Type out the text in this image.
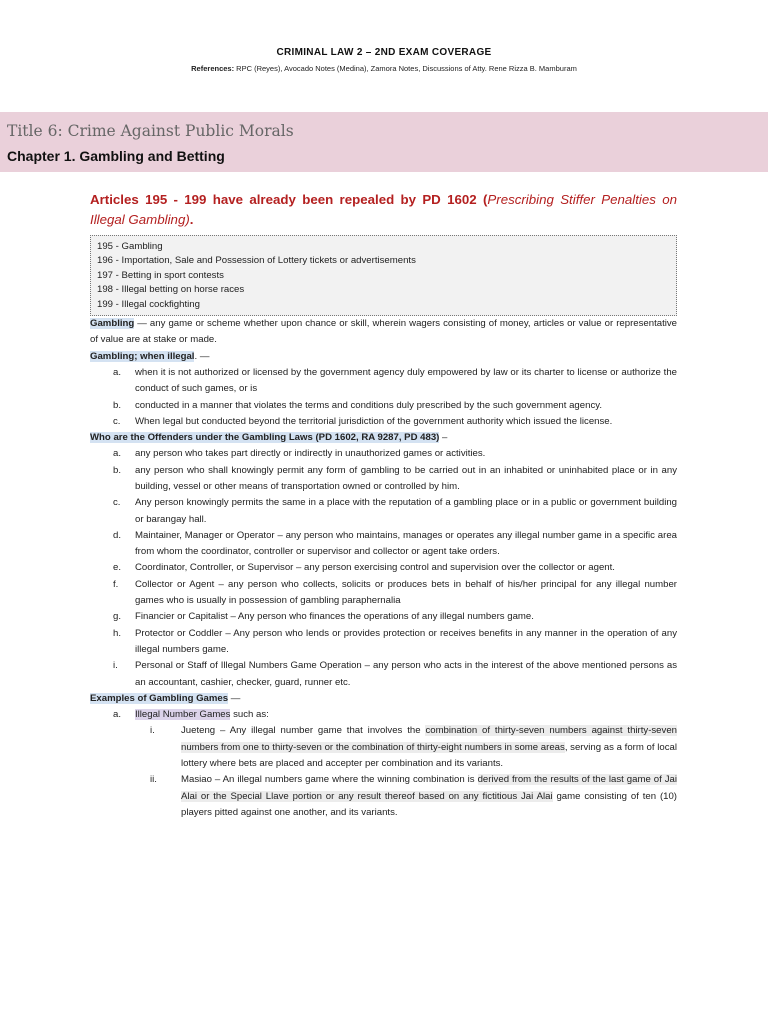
CRIMINAL LAW 2 – 2ND EXAM COVERAGE
References: RPC (Reyes), Avocado Notes (Medina), Zamora Notes, Discussions of Atty. Rene Rizza B. Mamburam
Title 6: Crime Against Public Morals
Chapter 1. Gambling and Betting
Articles 195 - 199 have already been repealed by PD 1602 (Prescribing Stiffer Penalties on Illegal Gambling).
195 - Gambling
196 - Importation, Sale and Possession of Lottery tickets or advertisements
197 - Betting in sport contests
198 - Illegal betting on horse races
199 - Illegal cockfighting
Gambling — any game or scheme whether upon chance or skill, wherein wagers consisting of money, articles or value or representative of value are at stake or made.
Gambling; when illegal. —
a. when it is not authorized or licensed by the government agency duly empowered by law or its charter to license or authorize the conduct of such games, or is
b. conducted in a manner that violates the terms and conditions duly prescribed by the such government agency.
c. When legal but conducted beyond the territorial jurisdiction of the government authority which issued the license.
Who are the Offenders under the Gambling Laws (PD 1602, RA 9287, PD 483) –
a. any person who takes part directly or indirectly in unauthorized games or activities.
b. any person who shall knowingly permit any form of gambling to be carried out in an inhabited or uninhabited place or in any building, vessel or other means of transportation owned or controlled by him.
c. Any person knowingly permits the same in a place with the reputation of a gambling place or in a public or government building or barangay hall.
d. Maintainer, Manager or Operator – any person who maintains, manages or operates any illegal number game in a specific area from whom the coordinator, controller or supervisor and collector or agent take orders.
e. Coordinator, Controller, or Supervisor – any person exercising control and supervision over the collector or agent.
f. Collector or Agent – any person who collects, solicits or produces bets in behalf of his/her principal for any illegal number games who is usually in possession of gambling paraphernalia
g. Financier or Capitalist – Any person who finances the operations of any illegal numbers game.
h. Protector or Coddler – Any person who lends or provides protection or receives benefits in any manner in the operation of any illegal numbers game.
i. Personal or Staff of Illegal Numbers Game Operation – any person who acts in the interest of the above mentioned persons as an accountant, cashier, checker, guard, runner etc.
Examples of Gambling Games —
a. Illegal Number Games such as:
i.	Jueteng – Any illegal number game that involves the combination of thirty-seven numbers against thirty-seven numbers from one to thirty-seven or the combination of thirty-eight numbers in some areas, serving as a form of local lottery where bets are placed and accepter per combination and its variants.
ii.	Masiao – An illegal numbers game where the winning combination is derived from the results of the last game of Jai Alai or the Special Llave portion or any result thereof based on any fictitious Jai Alai game consisting of ten (10) players pitted against one another, and its variants.
